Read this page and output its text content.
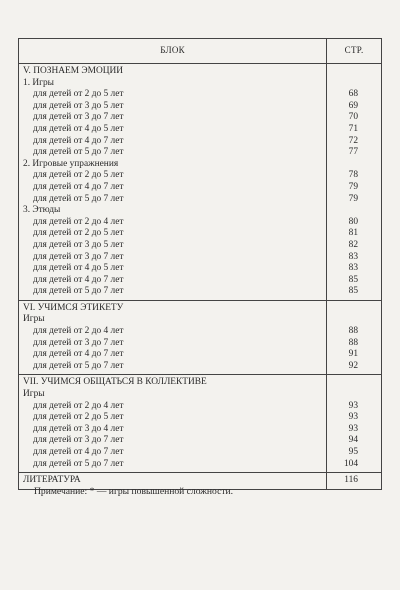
БЛОК	СТР.
V. ПОЗНАЕМ ЭМОЦИИ	
1. Игры	
для детей от 2 до 5 лет	68
для детей от 3 до 5 лет	69
для детей от 3 до 7 лет	70
для детей от 4 до 5 лет	71
для детей от 4 до 7 лет	72
для детей от 5 до 7 лет	77
2. Игровые упражнения	
для детей от 2 до 5 лет	78
для детей от 4 до 7 лет	79
для детей от 5 до 7 лет	79
3. Этюды	
для детей от 2 до 4 лет	80
для детей от 2 до 5 лет	81
для детей от 3 до 5 лет	82
для детей от 3 до 7 лет	83
для детей от 4 до 5 лет	83
для детей от 4 до 7 лет	85
для детей от 5 до 7 лет	85
VI. УЧИМСЯ ЭТИКЕТУ	
Игры	
для детей от 2 до 4 лет	88
для детей от 3 до 7 лет	88
для детей от 4 до 7 лет	91
для детей от 5 до 7 лет	92
VII. УЧИМСЯ ОБЩАТЬСЯ В КОЛЛЕКТИВЕ	
Игры	
для детей от 2 до 4 лет	93
для детей от 2 до 5 лет	93
для детей от 3 до 4 лет	93
для детей от 3 до 7 лет	94
для детей от 4 до 7 лет	95
для детей от 5 до 7 лет	104
ЛИТЕРАТУРА	116
Примечание: * — игры повышенной сложности.
